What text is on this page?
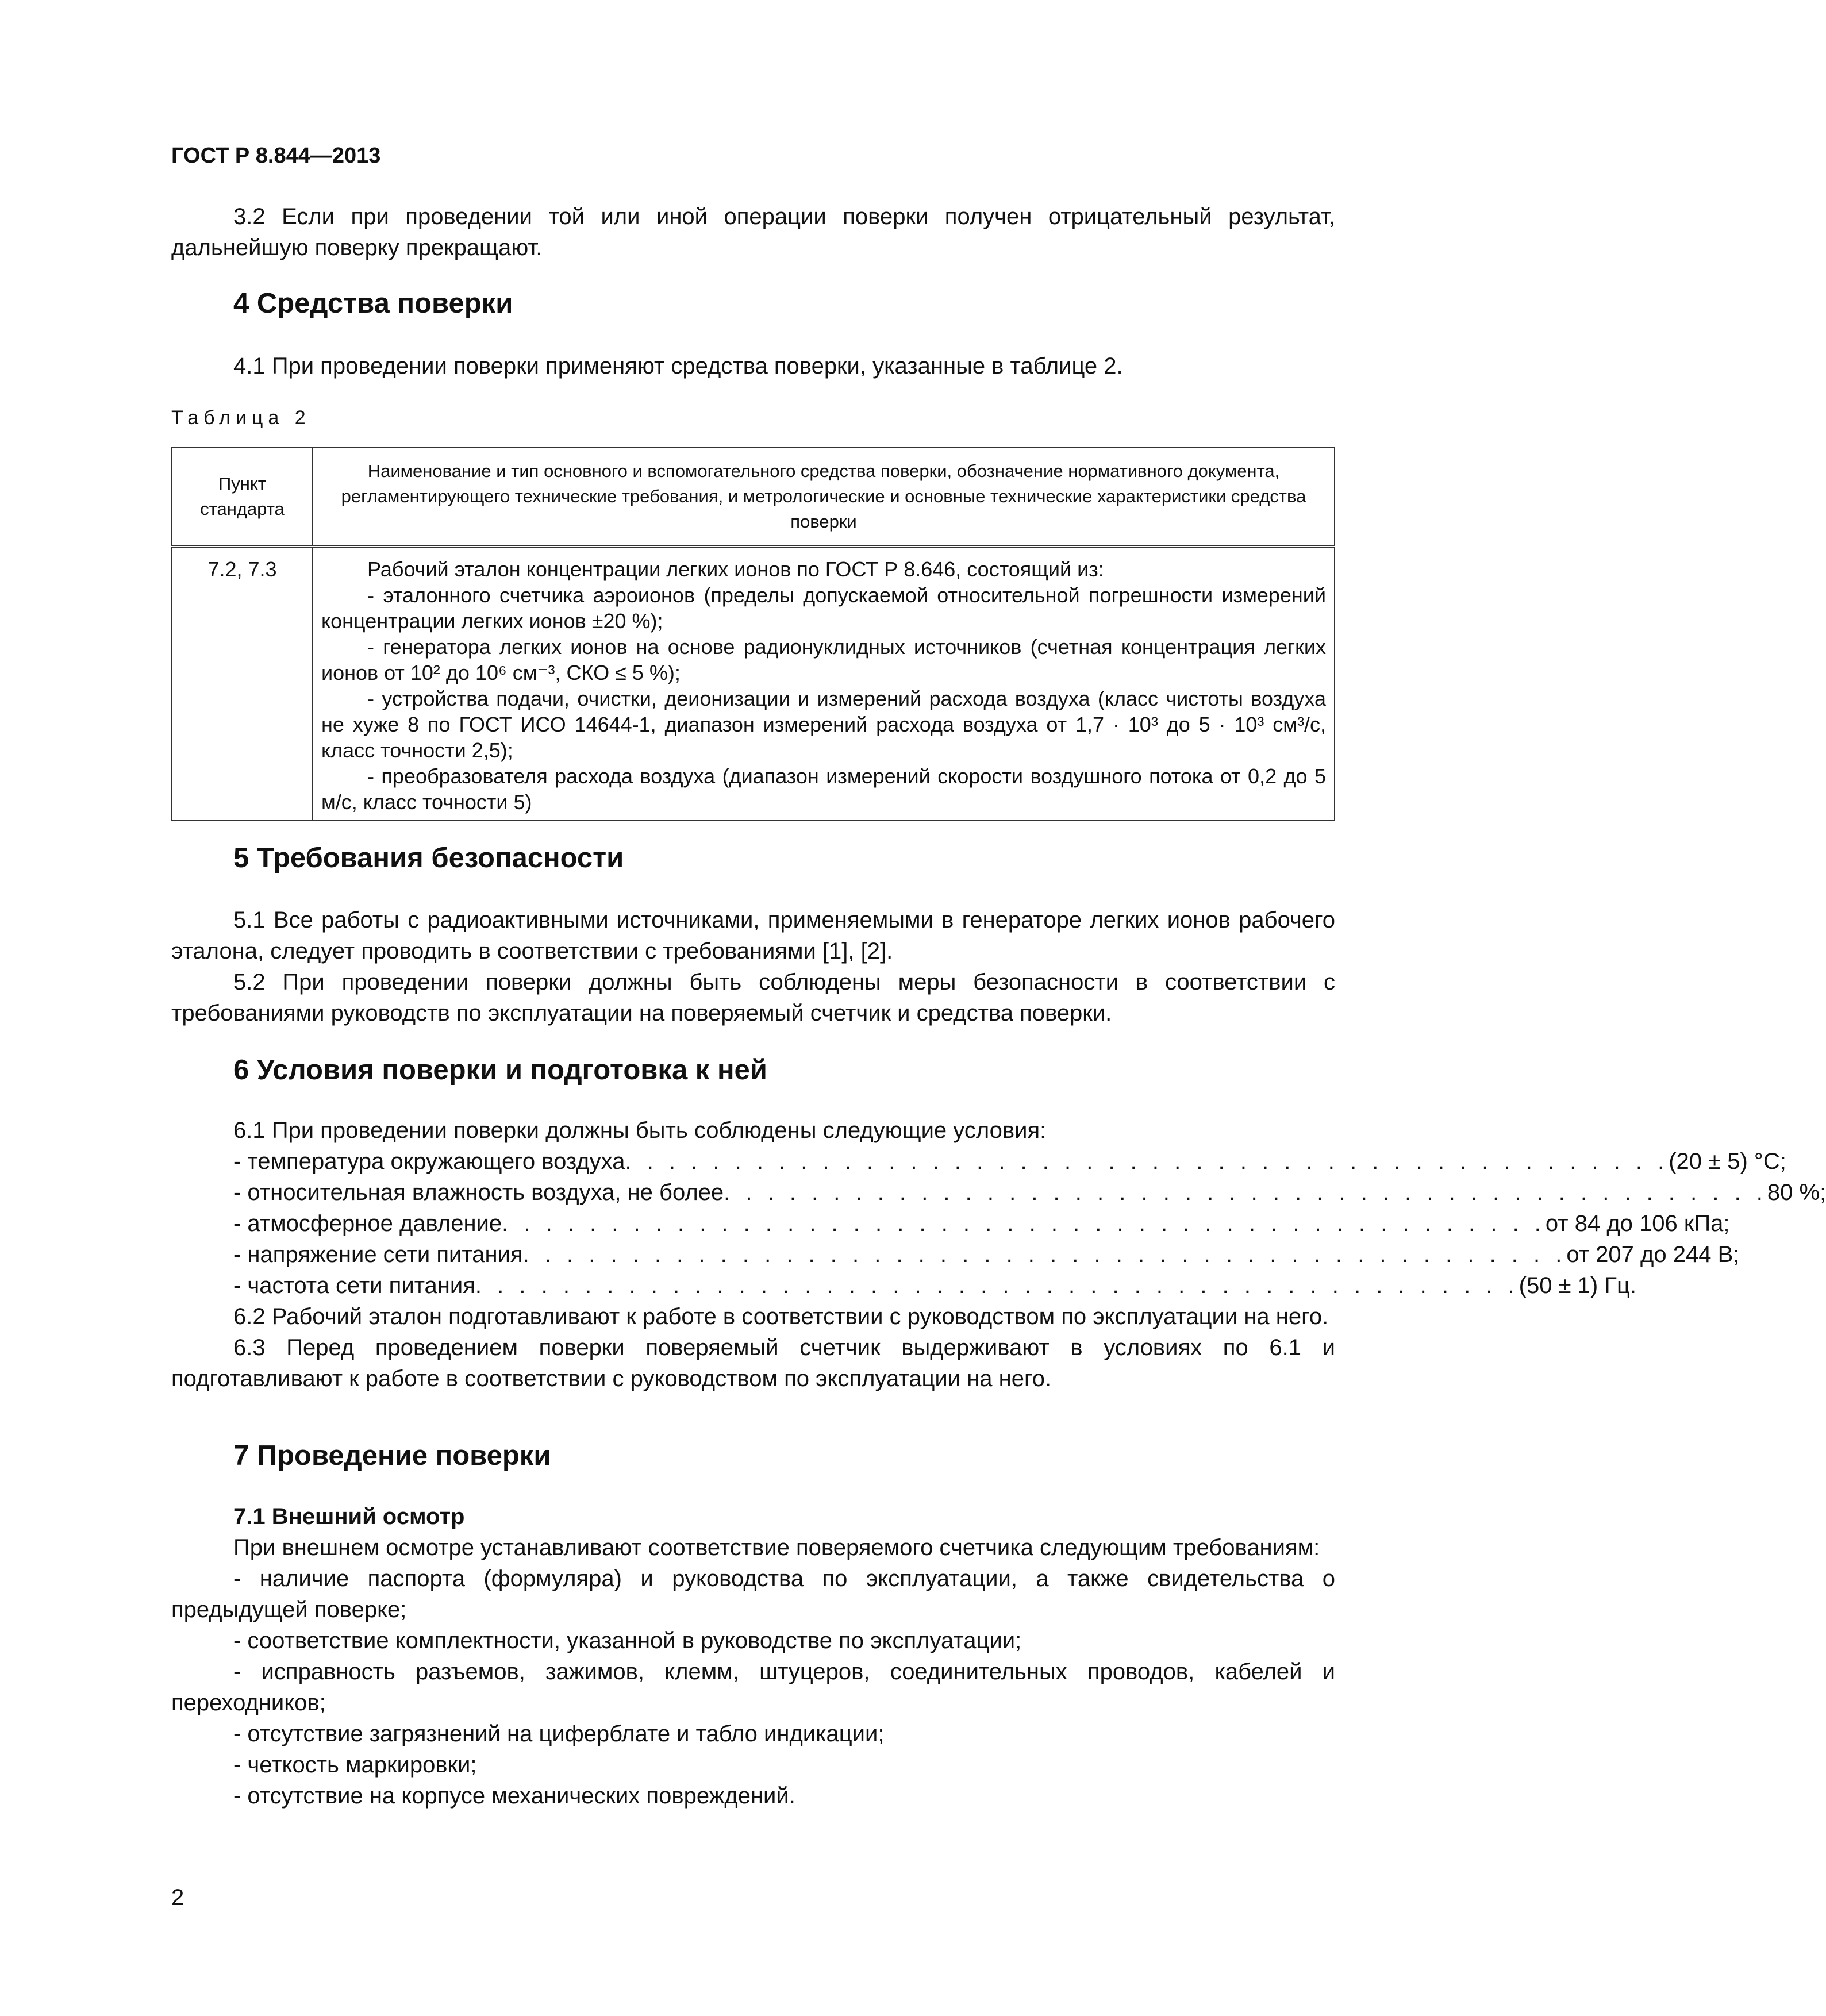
ГОСТ Р 8.844—2013

3.2 Если при проведении той или иной операции поверки получен отрицательный результат, дальнейшую поверку прекращают.

4 Средства поверки

4.1 При проведении поверки применяют средства поверки, указанные в таблице 2.

Таблица 2
Пункт стандарта	Наименование и тип основного и вспомогательного средства поверки, обозначение нормативного документа, регламентирующего технические требования, и метрологические и основные технические характеристики средства поверки
7.2, 7.3	Рабочий эталон концентрации легких ионов по ГОСТ Р 8.646, состоящий из:
- эталонного счетчика аэроионов (пределы допускаемой относительной погрешности измерений концентрации легких ионов ±20 %);
- генератора легких ионов на основе радионуклидных источников (счетная концентрация легких ионов от 10² до 10⁶ см⁻³, СКО ≤ 5 %);
- устройства подачи, очистки, деионизации и измерений расхода воздуха (класс чистоты воздуха не хуже 8 по ГОСТ ИСО 14644-1, диапазон измерений расхода воздуха от 1,7 · 10³ до 5 · 10³ см³/с, класс точности 2,5);
- преобразователя расхода воздуха (диапазон измерений скорости воздушного потока от 0,2 до 5 м/с, класс точности 5)

5 Требования безопасности

5.1 Все работы с радиоактивными источниками, применяемыми в генераторе легких ионов рабочего эталона, следует проводить в соответствии с требованиями [1], [2].

5.2 При проведении поверки должны быть соблюдены меры безопасности в соответствии с требованиями руководств по эксплуатации на поверяемый счетчик и средства поверки.

6 Условия поверки и подготовка к ней

6.1 При проведении поверки должны быть соблюдены следующие условия:

- температура окружающего воздуха . . . . . . . . . . . . . . . . . . . . . . . . . . . . . . . . . . . . . . . . . . . . . . . . (20 ± 5) °С;
- относительная влажность воздуха, не более . . . . . . . . . . . . . . . . . . . . . . . . . . . . . . . . . . . . . . . . . . . . . . . . 80 %;
- атмосферное давление . . . . . . . . . . . . . . . . . . . . . . . . . . . . . . . . . . . . . . . . . . . . . . . . от 84 до 106 кПа;
- напряжение сети питания . . . . . . . . . . . . . . . . . . . . . . . . . . . . . . . . . . . . . . . . . . . . . . . . от 207 до 244 В;
- частота сети питания . . . . . . . . . . . . . . . . . . . . . . . . . . . . . . . . . . . . . . . . . . . . . . . . (50 ± 1) Гц.

6.2 Рабочий эталон подготавливают к работе в соответствии с руководством по эксплуатации на него.

6.3 Перед проведением поверки поверяемый счетчик выдерживают в условиях по 6.1 и подготавливают к работе в соответствии с руководством по эксплуатации на него.

7 Проведение поверки

7.1 Внешний осмотр

При внешнем осмотре устанавливают соответствие поверяемого счетчика следующим требованиям:

- наличие паспорта (формуляра) и руководства по эксплуатации, а также свидетельства о предыдущей поверке;

- соответствие комплектности, указанной в руководстве по эксплуатации;

- исправность разъемов, зажимов, клемм, штуцеров, соединительных проводов, кабелей и переходников;

- отсутствие загрязнений на циферблате и табло индикации;

- четкость маркировки;

- отсутствие на корпусе механических повреждений.

2
